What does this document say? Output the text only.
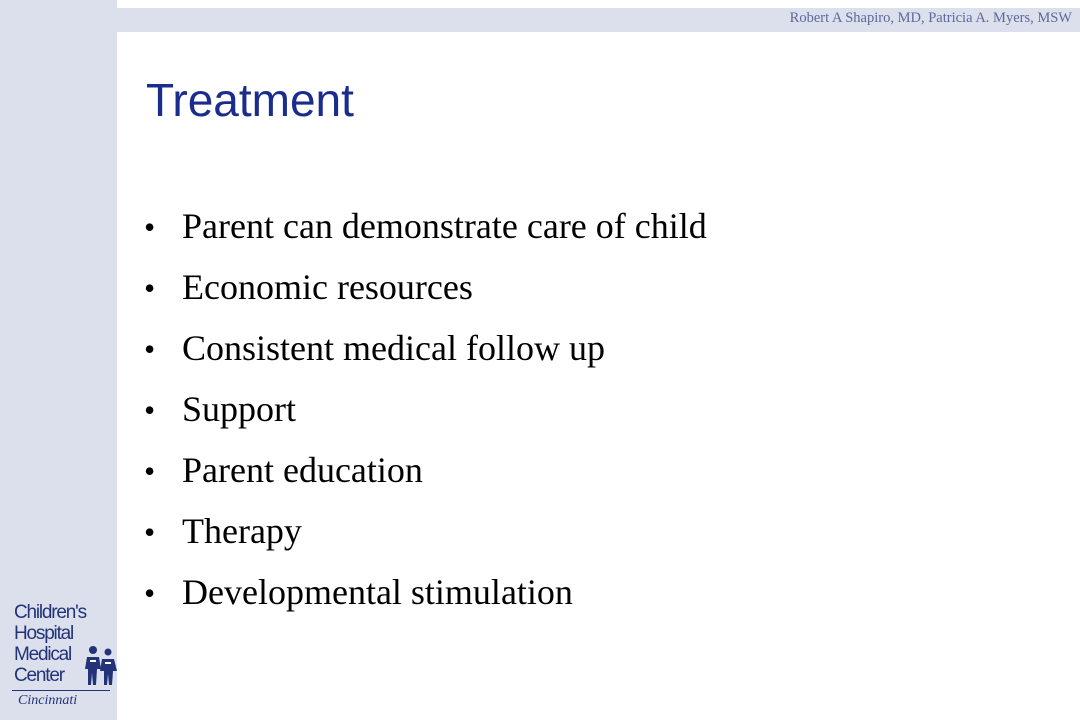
Robert A Shapiro, MD, Patricia A. Myers, MSW
Treatment
• Parent can demonstrate care of child
• Economic resources
• Consistent medical follow up
• Support
• Parent education
• Therapy
• Developmental stimulation
Children's
Hospital
Medical
Center
Cincinnati
